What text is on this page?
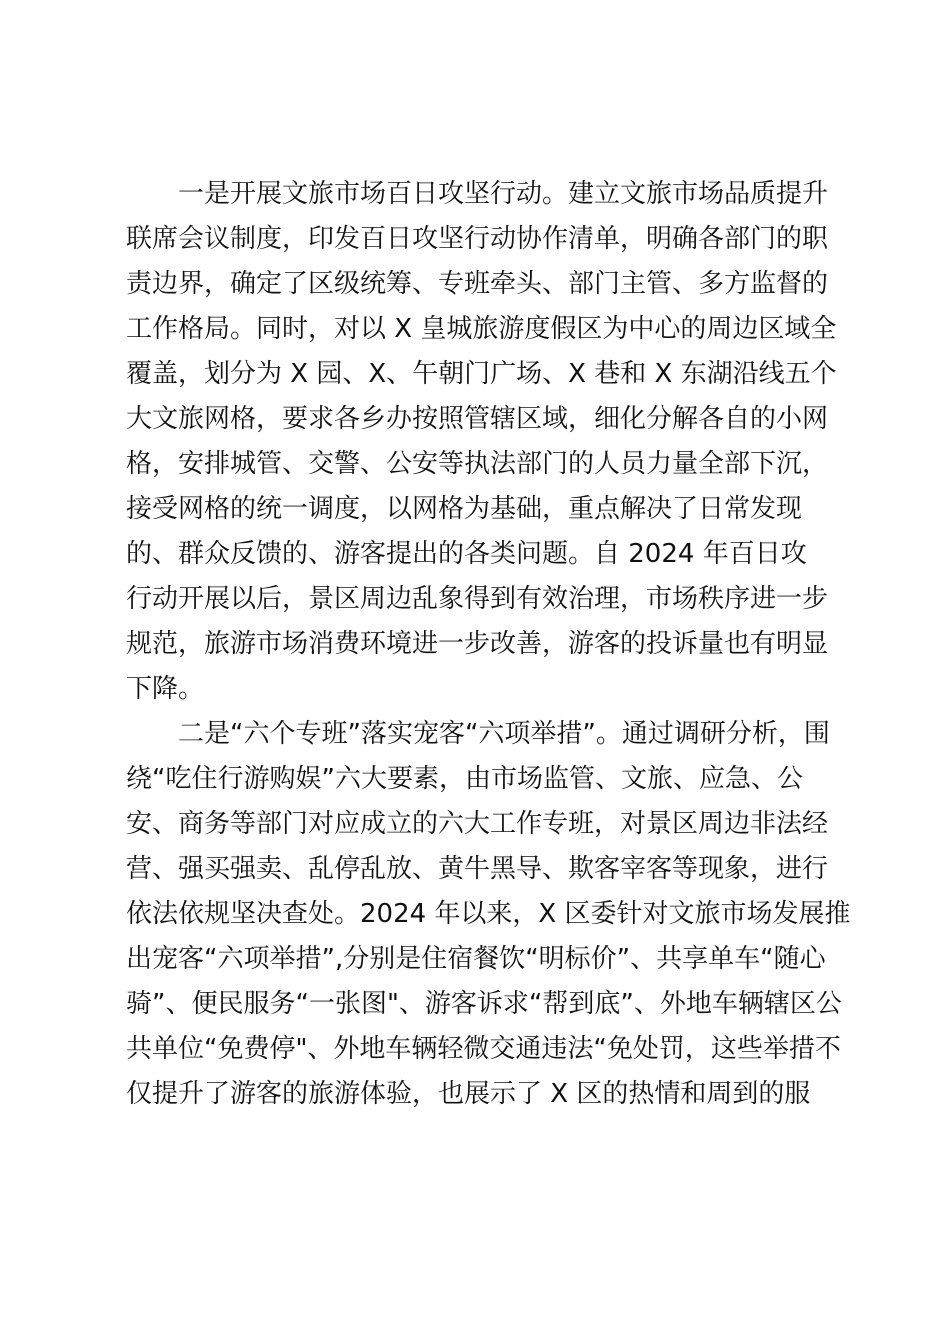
一是开展文旅市场百日攻坚行动。建立文旅市场品质提升
联席会议制度，印发百日攻坚行动协作清单，明确各部门的职
责边界，确定了区级统筹、专班牵头、部门主管、多方监督的
工作格局。同时，对以 X 皇城旅游度假区为中心的周边区域全
覆盖，划分为 X 园、X、午朝门广场、X 巷和 X 东湖沿线五个
大文旅网格，要求各乡办按照管辖区域，细化分解各自的小网
格，安排城管、交警、公安等执法部门的人员力量全部下沉，
接受网格的统一调度，以网格为基础，重点解决了日常发现
的、群众反馈的、游客提出的各类问题。自 2024 年百日攻
行动开展以后，景区周边乱象得到有效治理，市场秩序进一步
规范，旅游市场消费环境进一步改善，游客的投诉量也有明显
下降。
二是“六个专班”落实宠客“六项举措”。通过调研分析，围
绕“吃住行游购娱”六大要素，由市场监管、文旅、应急、公
安、商务等部门对应成立的六大工作专班，对景区周边非法经
营、强买强卖、乱停乱放、黄牛黑导、欺客宰客等现象，进行
依法依规坚决查处。2024 年以来，X 区委针对文旅市场发展推
出宠客“六项举措”,分别是住宿餐饮“明标价”、共享单车“随心
骑”、便民服务“一张图"、游客诉求“帮到底”、外地车辆辖区公
共单位“免费停"、外地车辆轻微交通违法“免处罚，这些举措不
仅提升了游客的旅游体验，也展示了 X 区的热情和周到的服
